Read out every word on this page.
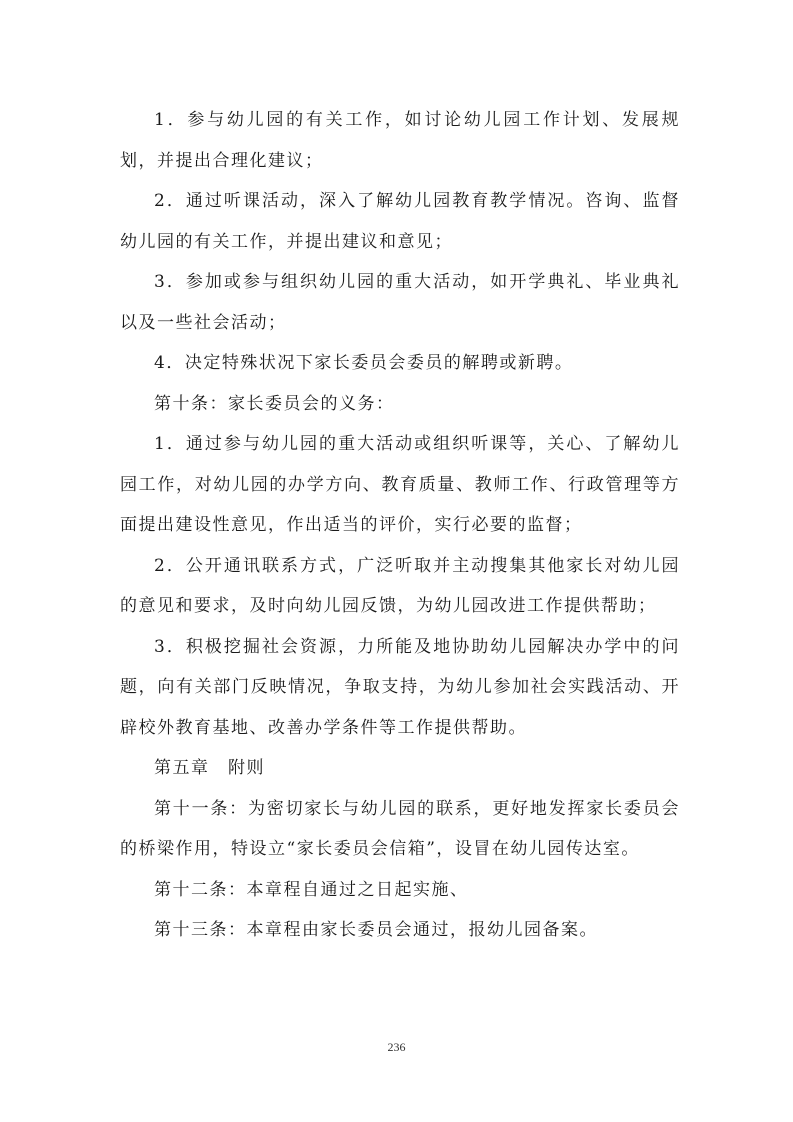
1．参与幼儿园的有关工作，如讨论幼儿园工作计划、发展规划，并提出合理化建议；

2．通过听课活动，深入了解幼儿园教育教学情况。咨询、监督幼儿园的有关工作，并提出建议和意见；

3．参加或参与组织幼儿园的重大活动，如开学典礼、毕业典礼以及一些社会活动；

4．决定特殊状况下家长委员会委员的解聘或新聘。

第十条：家长委员会的义务：

1．通过参与幼儿园的重大活动或组织听课等，关心、了解幼儿园工作，对幼儿园的办学方向、教育质量、教师工作、行政管理等方面提出建设性意见，作出适当的评价，实行必要的监督；

2．公开通讯联系方式，广泛听取并主动搜集其他家长对幼儿园的意见和要求，及时向幼儿园反馈，为幼儿园改进工作提供帮助；

3．积极挖掘社会资源，力所能及地协助幼儿园解决办学中的问题，向有关部门反映情况，争取支持，为幼儿参加社会实践活动、开辟校外教育基地、改善办学条件等工作提供帮助。

第五章　附则

第十一条：为密切家长与幼儿园的联系，更好地发挥家长委员会的桥梁作用，特设立“家长委员会信箱”，设冒在幼儿园传达室。

第十二条：本章程自通过之日起实施、

第十三条：本章程由家长委员会通过，报幼儿园备案。

236
